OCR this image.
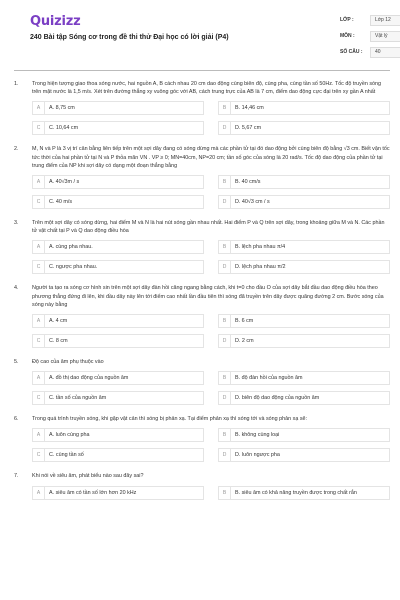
Quizizz
240 Bài tập Sóng cơ trong đề thi thử Đại học có lời giải (P4)
LỚP :	Lớp 12
MÔN :	Vật lý
SỐ CÂU :	40
1.	Trong hiện tượng giao thoa sóng nước, hai nguồn A, B cách nhau 20 cm dao động cùng biên độ, cùng pha, cùng tần số 50Hz. Tốc độ truyền sóng trên mặt nước là 1,5 m/s. Xét trên đường thẳng xy vuông góc với AB, cách trung trực của AB là 7 cm, điểm dao động cực đại trên xy gần A nhất
A	A. 8,75 cm	B	B. 14,46 cm
C	C. 10,64 cm	D	D. 5,67 cm
2.	M, N và P là 3 vị trí cân bằng liên tiếp trên một sợi dây đang có sóng dừng mà các phần tử tại đó dao động bởi cùng biên độ bằng √3 cm. Biết vận tốc tức thời của hai phần tử tại N và P thỏa mãn VN . VP ≥ 0; MN=40cm, NP=20 cm; tần số góc của sóng là 20 rad/s. Tốc độ dao động của phần tử tại trung điểm của NP khi sợi dây có dạng một đoạn thẳng bằng
A	A. 40√3m / s	B	B. 40 cm/s
C	C. 40 m/s	D	D. 40√3 cm / s
3.	Trên một sợi dây có sóng dừng, hai điểm M và N là hai nút sóng gần nhau nhất. Hai điểm P và Q trên sợi dây, trong khoảng giữa M và N. Các phần tử vật chất tại P và Q dao động điều hòa
A	A. cùng pha nhau.	B	B. lệch pha nhau π/4
C	C. ngược pha nhau.	D	D. lệch pha nhau π/2
4.	Người ta tạo ra sóng cơ hình sin trên một sợi dây đàn hồi căng ngang bằng cách, khi t=0 cho đầu O của sợi dây bắt đầu dao động điều hòa theo phương thẳng đứng đi lên, khi đầu dây này lên tới điểm cao nhất lần đầu tiên thì sóng đã truyền trên dây được quãng đường 2 cm. Bước sóng của sóng này bằng
A	A. 4 cm	B	B. 6 cm
C	C. 8 cm	D	D. 2 cm
5.	Độ cao của âm phụ thuộc vào
A	A. đồ thị dao động của nguồn âm	B	B. độ đàn hồi của nguồn âm
C	C. tần số của nguồn âm	D	D. biên độ dao động của nguồn âm
6.	Trong quá trình truyền sóng, khi gặp vật cản thì sóng bị phản xạ. Tại điểm phản xạ thì sóng tới và sóng phản xạ sẽ:
A	A. luôn cùng pha	B	B. không cùng loại
C	C. cùng tần số	D	D. luôn ngược pha
7.	Khi nói về siêu âm, phát biểu nào sau đây sai?
A	A. siêu âm có tần số lớn hơn 20 kHz	B	B. siêu âm có khả năng truyền được trong chất rắn
